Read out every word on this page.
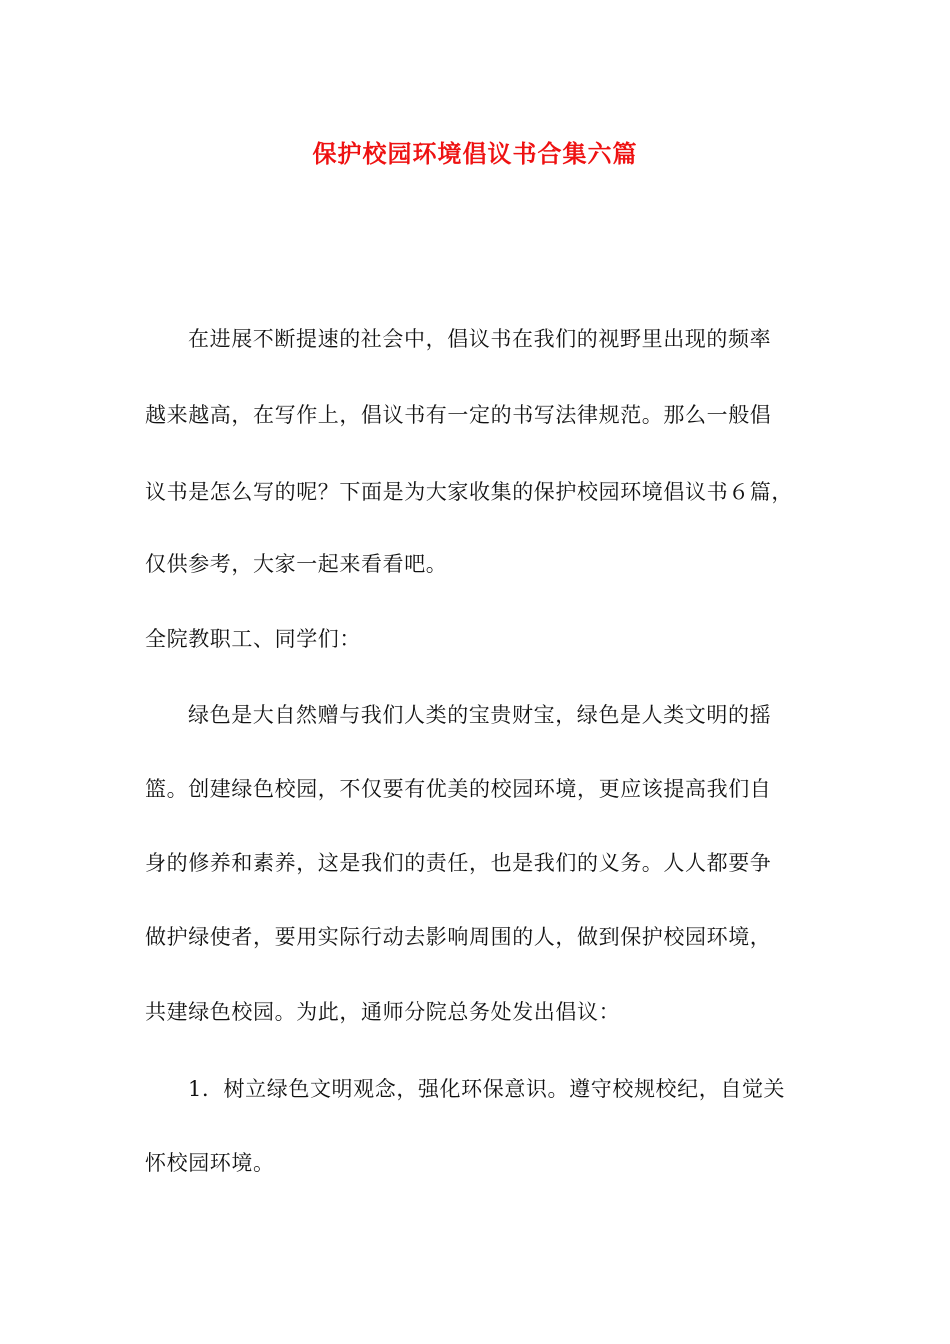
保护校园环境倡议书合集六篇
在进展不断提速的社会中，倡议书在我们的视野里出现的频率
越来越高，在写作上，倡议书有一定的书写法律规范。那么一般倡
议书是怎么写的呢？下面是为大家收集的保护校园环境倡议书６篇，
仅供参考，大家一起来看看吧。
全院教职工、同学们：
绿色是大自然赠与我们人类的宝贵财宝，绿色是人类文明的摇
篮。创建绿色校园，不仅要有优美的校园环境，更应该提高我们自
身的修养和素养，这是我们的责任，也是我们的义务。人人都要争
做护绿使者，要用实际行动去影响周围的人，做到保护校园环境，
共建绿色校园。为此，通师分院总务处发出倡议：
1．树立绿色文明观念，强化环保意识。遵守校规校纪，自觉关
怀校园环境。
